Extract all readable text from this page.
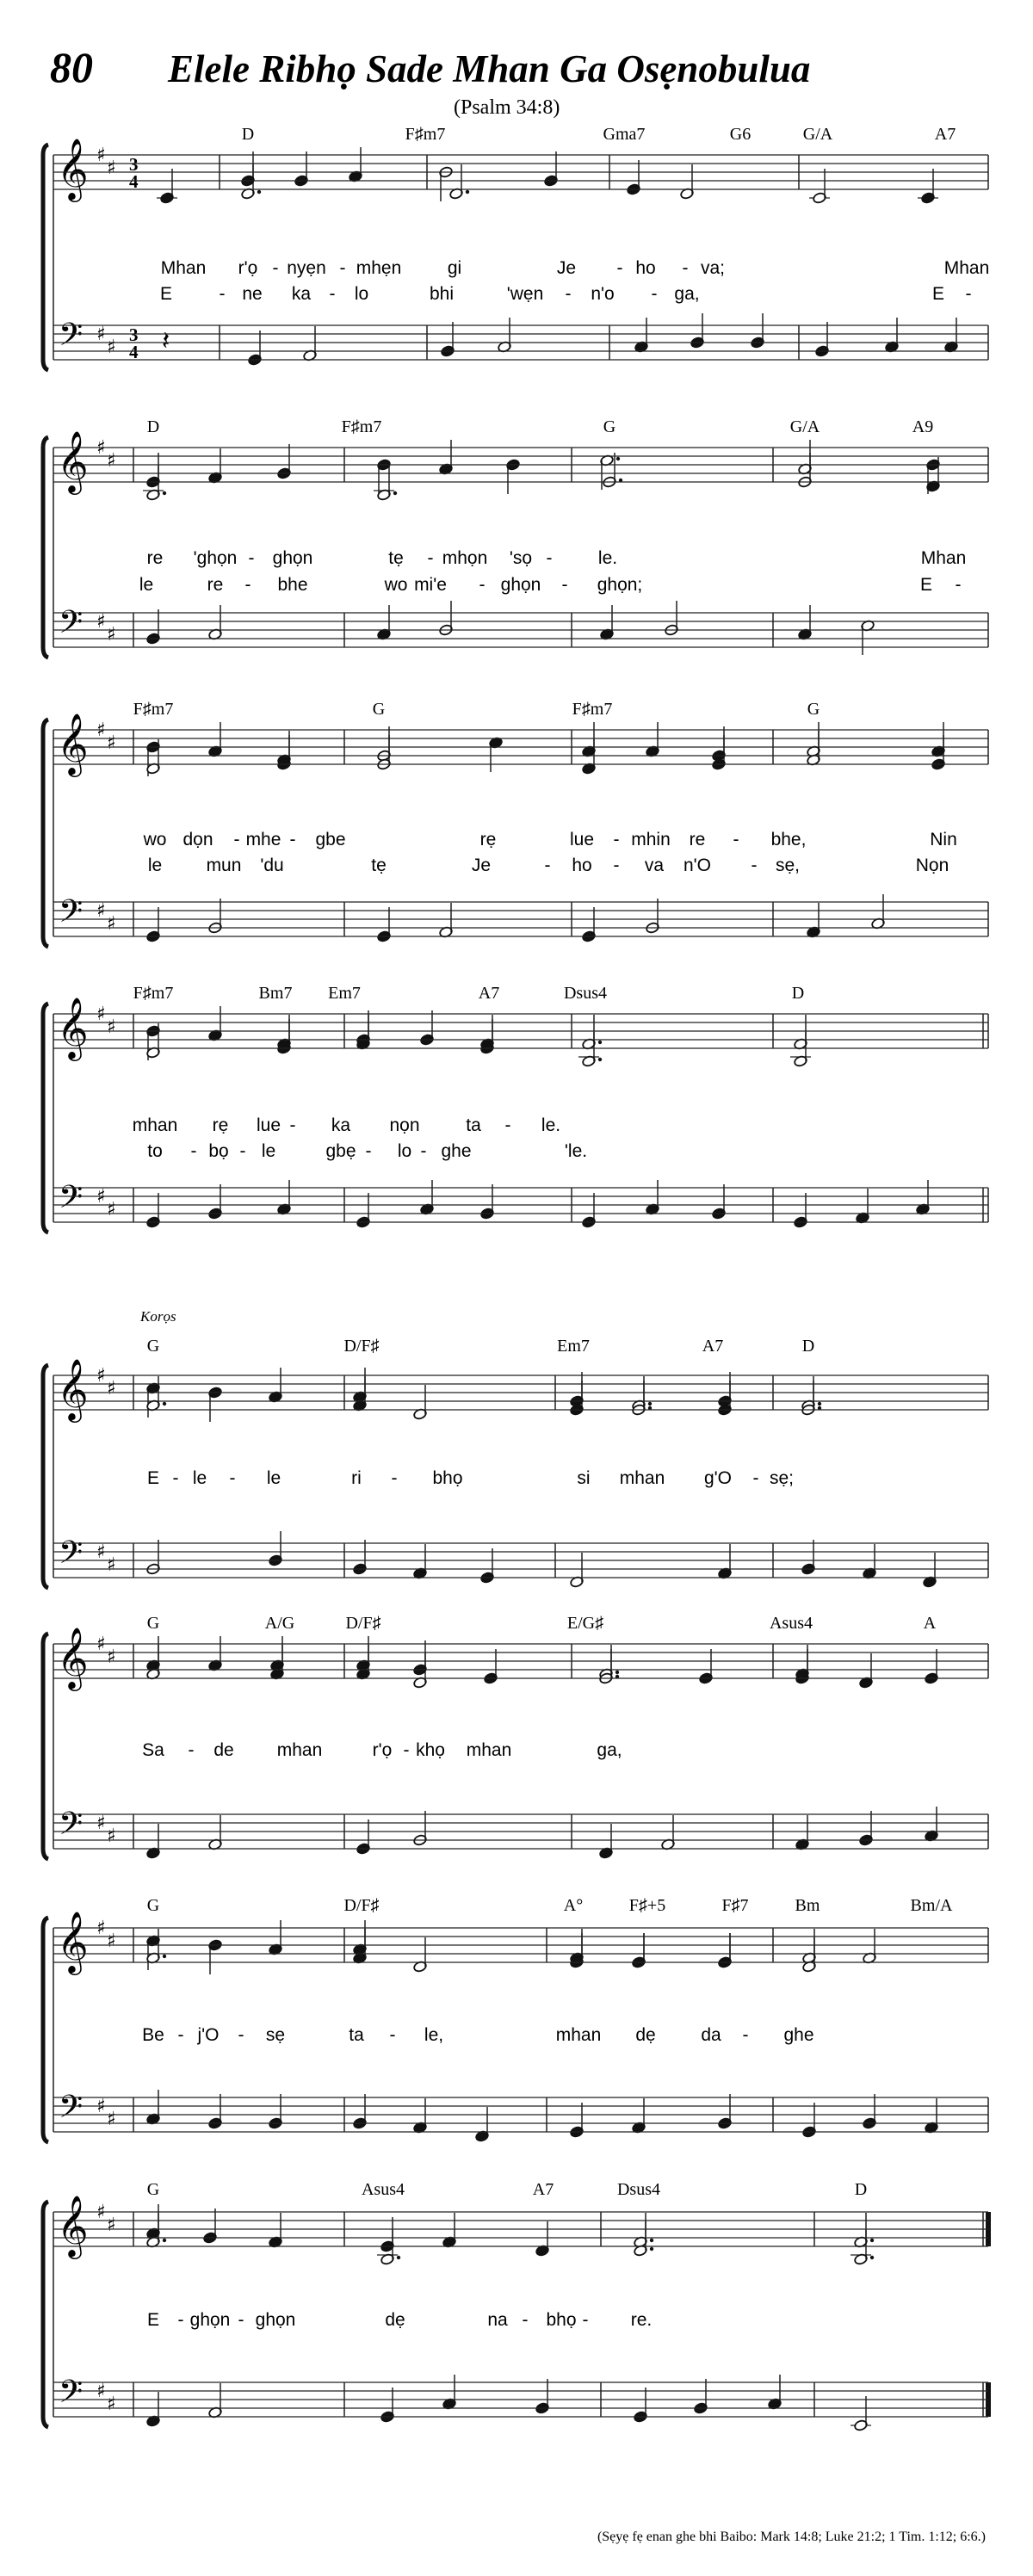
80 Elele Ribhọ Sade Mhan Ga Osẹnobulua
(Psalm 34:8)
Korọs
𝄞
𝄢
♯
♯
♯
♯
3
4
3
4 𝄽
D	F♯m7	Gma7	G6	G/A	A7
Mhan r'ọ - nyẹn - mhẹn	gi	Je - ho - va;	Mhan
E	- ne ka - lo	bhi	'wẹn - n'o - ga,	E -
𝄞
𝄢
♯
♯
♯
♯
D	F♯m7	G	G/A	A9
re 'ghọn - ghọn	tẹ - mhọn 'sọ -	le.	Mhan
le	re - bhe	wo mi'e - ghọn - ghọn;	E -
𝄞
𝄢
♯
♯
♯
♯
F♯m7	G	F♯m7	G
wo dọn - mhe - gbe	rẹ	lue - mhin re - bhe,	Nin
le mun 'du	tẹ	Je	- ho - va n'O - sẹ,	Nọn
𝄞
𝄢
♯
♯
♯
♯
F♯m7	Bm7 Em7	A7	Dsus4	D
mhan rẹ lue - ka nọn	ta - le.
to - bọ - le	gbẹ - lo - ghe	'le.
𝄞
𝄢
♯
♯
♯
♯
G	D/F♯	Em7	A7	D
E - le - le	ri - bhọ	si mhan g'O - sẹ;
𝄞
𝄢
♯
♯
♯
♯
G	A/G	D/F♯	E/G♯	Asus4	A
Sa - de mhan	r'ọ - khọ mhan	ga,
𝄞
𝄢
♯
♯
♯
♯
G	D/F♯	A°	F♯+5	F♯7	Bm	Bm/A
Be - j'O - sẹ	ta - le,	mhan dẹ	da - ghe
𝄞
𝄢
♯
♯
♯
♯
G	Asus4	A7	Dsus4	D
E - ghọn - ghọn	dẹ	na - bhọ - re.
(Sẹyẹ fẹ enan ghe bhi Baibo: Mark 14:8; Luke 21:2; 1 Tim. 1:12; 6:6.)
